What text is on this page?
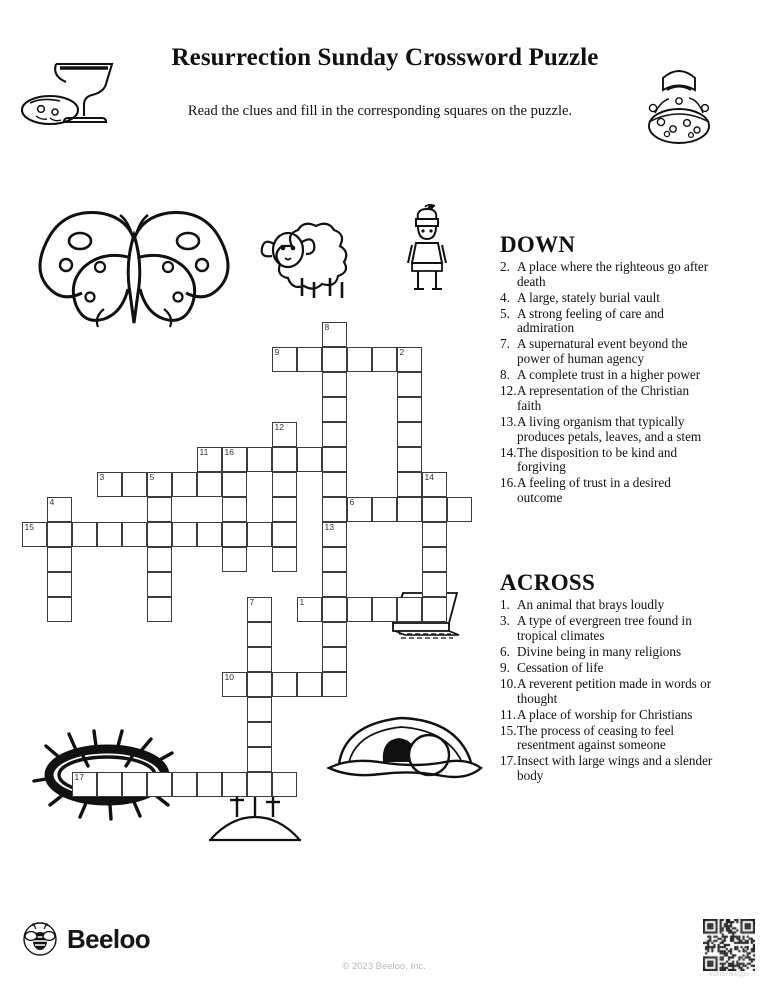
Resurrection Sunday Crossword Puzzle
Read the clues and fill in the corresponding squares on the puzzle.
8
9	2
12
11 16
3	5	14
4	6
15	13
7	1
10
17
DOWN
2. A place where the righteous go after death
4. A large, stately burial vault
5. A strong feeling of care and admiration
7. A supernatural event beyond the power of human agency
8. A complete trust in a higher power
12.A representation of the Christian faith
13.A living organism that typically produces petals, leaves, and a stem
14.The disposition to be kind and forgiving
16.A feeling of trust in a desired outcome
ACROSS
1. An animal that brays loudly
3. A type of evergreen tree found in tropical climates
6. Divine being in many religions
9. Cessation of life
10.A reverent petition made in words or thought
11.A place of worship for Christians
15.The process of ceasing to feel resentment against someone
17.Insect with large wings and a slender body
Beeloo
© 2023 Beeloo, Inc.
VJ2m7m4Qpo
